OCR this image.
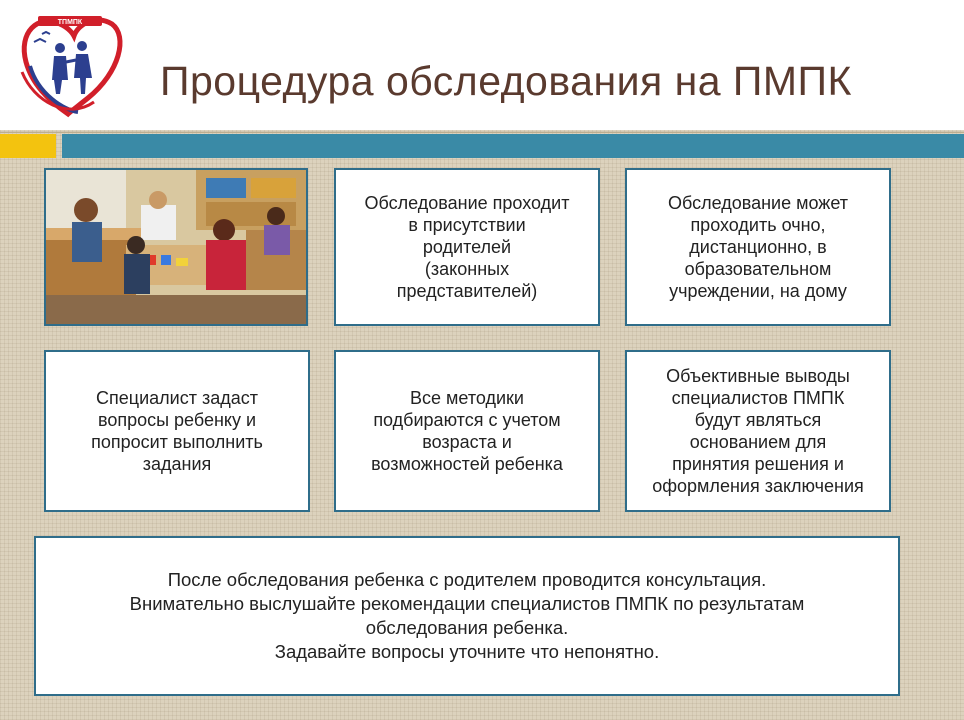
ТПМПК
Процедура обследования на ПМПК
Обследование проходит
в присутствии
родителей
(законных
представителей)
Обследование может
проходить очно,
дистанционно, в
образовательном
учреждении, на дому
Специалист задаст
вопросы ребенку и
попросит выполнить
задания
Все методики
подбираются с учетом
возраста и
возможностей ребенка
Объективные выводы
специалистов ПМПК
будут являться
основанием для
принятия решения и
оформления заключения
После обследования ребенка с родителем проводится консультация.
Внимательно выслушайте рекомендации специалистов ПМПК по результатам
обследования ребенка.
Задавайте вопросы уточните что непонятно.
